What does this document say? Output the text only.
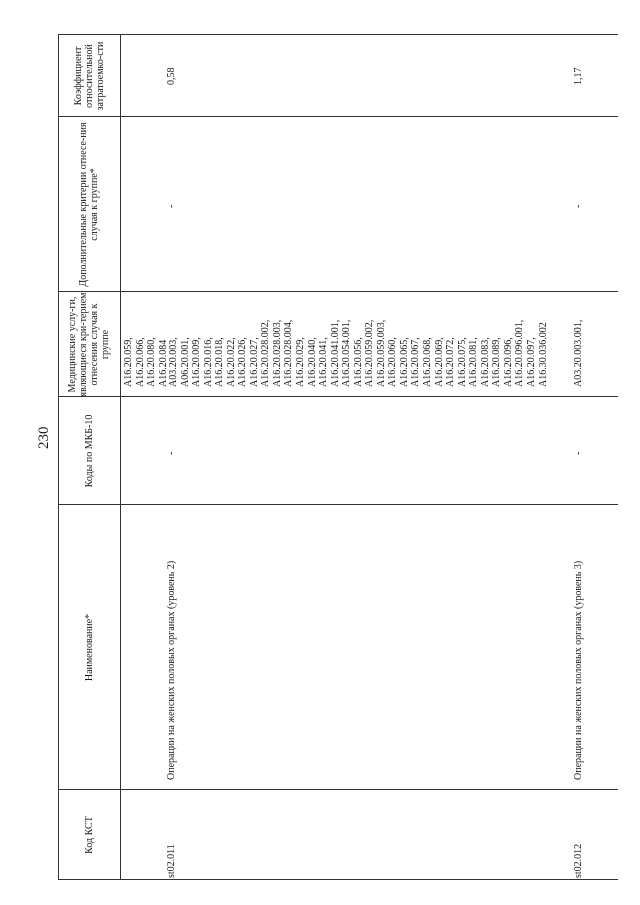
230
Код КСТ
Наименование*
Коды по МКБ-10
Медицинские услу-ги, являющиеся кри-терием отнесения случая к группе
Дополнительные критерии отнесе-ния случая к группе*
Коэффициент относительной затратоемко-сти
A16.20.059, A16.20.066, A16.20.080, A16.20.084
st02.011
Операции на женских половых органах (уровень 2)
-
A03.20.003, A06.20.001, A16.20.009, A16.20.016, A16.20.018, A16.20.022, A16.20.026, A16.20.027, A16.20.028.002, A16.20.028.003, A16.20.028.004, A16.20.029, A16.20.040, A16.20.041, A16.20.041.001, A16.20.054.001, A16.20.056, A16.20.059.002, A16.20.059.003, A16.20.060, A16.20.065, A16.20.067, A16.20.068, A16.20.069, A16.20.072, A16.20.075, A16.20.081, A16.20.083, A16.20.089, A16.20.096, A16.20.096.001, A16.20.097, A16.30.036.002
-
0,58
st02.012
Операции на женских половых органах (уровень 3)
-
A03.20.003.001,
-
1,17
